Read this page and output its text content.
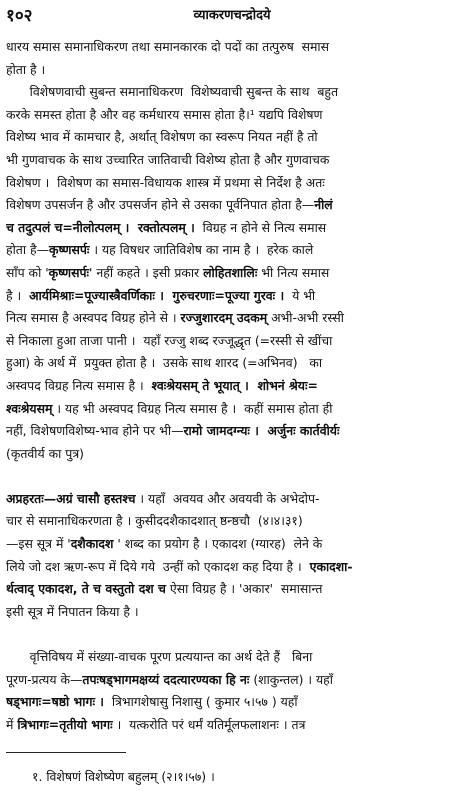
१०२	व्याकरणचन्द्रोदये
धारय समास समानाधिकरण तथा समानकारक दो पदों का तत्पुरुष  समास
होता है ।
विशेषणवाची सुबन्त समानाधिकरण  विशेष्यवाची सुबन्त के साथ  बहुत
करके समस्त होता है और वह कर्मधारय समास होता है।¹ यद्यपि विशेषण
विशेष्य भाव में कामचार है, अर्थात् विशेषण का स्वरूप नियत नहीं है तो
भी गुणवाचक के साथ उच्चारित जातिवाची विशेष्य होता है और गुणवाचक
विशेषण ।  विशेषण का समास-विधायक शास्त्र में प्रथमा से निर्देश है अतः
विशेषण उपसर्जन है और उपसर्जन होने से उसका पूर्वनिपात होता है—नीलं
च तदुत्पलं च=नीलोत्पलम् ।  रक्तोत्पलम् ।  विग्रह न होने से नित्य समास
होता है—कृष्णसर्पः । यह विषधर जातिविशेष का नाम है ।  हरेक काले
साँप को 'कृष्णसर्पः' नहीं कहते । इसी प्रकार लोहितशालिः भी नित्य समास
है ।  आर्यमिश्राः=पूज्यास्त्रैवर्णिकाः ।  गुरुचरणाः=पूज्या गुरवः ।  ये भी
नित्य समास है अस्वपद विग्रह होने से । रज्जुशारदम् उदकम् अभी-अभी रस्सी
से निकाला हुआ ताजा पानी ।  यहाँ रज्जु शब्द रज्जूद्धृत (=रस्सी से खींचा
हुआ) के अर्थ में  प्रयुक्त होता है ।  उसके साथ शारद (=अभिनव)   का
अस्वपद विग्रह नित्य समास है ।  श्वःश्रेयसम् ते भूयात् ।  शोभनं श्रेयः=
श्वःश्रेयसम् । यह भी अस्वपद विग्रह नित्य समास है ।  कहीं समास होता ही
नहीं, विशेषणविशेष्य-भाव होने पर भी—रामो जामदग्न्यः ।  अर्जुनः कार्तवीर्यः
(कृतवीर्य का पुत्र)
अप्रहरतः—अग्रं चासौ हस्तश्च । यहाँ  अवयव और अवयवी के अभेदोप-
चार से समानाधिकरणता है । कुसीददशैकादशात् ष्ठन्ष्ठचौ  (४।४।३१)
—इस सूत्र में 'दशैकादश ' शब्द का प्रयोग है । एकादश (ग्यारह)  लेने के
लिये जो दश ऋण-रूप में दिये गये  उन्हीं को एकादश कह दिया है ।  एकादशा-
र्थत्वाद् एकादश, ते च वस्तुतो दश च ऐसा विग्रह है । 'अकार'  समासान्त
इसी सूत्र में निपातन किया है ।
वृत्तिविषय में संख्या-वाचक पूरण प्रत्ययान्त का अर्थ देते हैं   बिना
पूरण-प्रत्यय के—तपःषड्भागमक्षय्यं ददत्यारण्यका हि नः (शाकुन्तल) । यहाँ
षड्भागः=षष्ठो भागः ।  त्रिभागशेषासु निशासु ( कुमार ५।५७ ) यहाँ
में त्रिभागः=तृतीयो भागः ।  यत्करोति परं धर्मं यतिर्मूलफलाशनः । तत्र
१. विशेषणं विशेष्येण बहुलम् (२।१।५७) ।
